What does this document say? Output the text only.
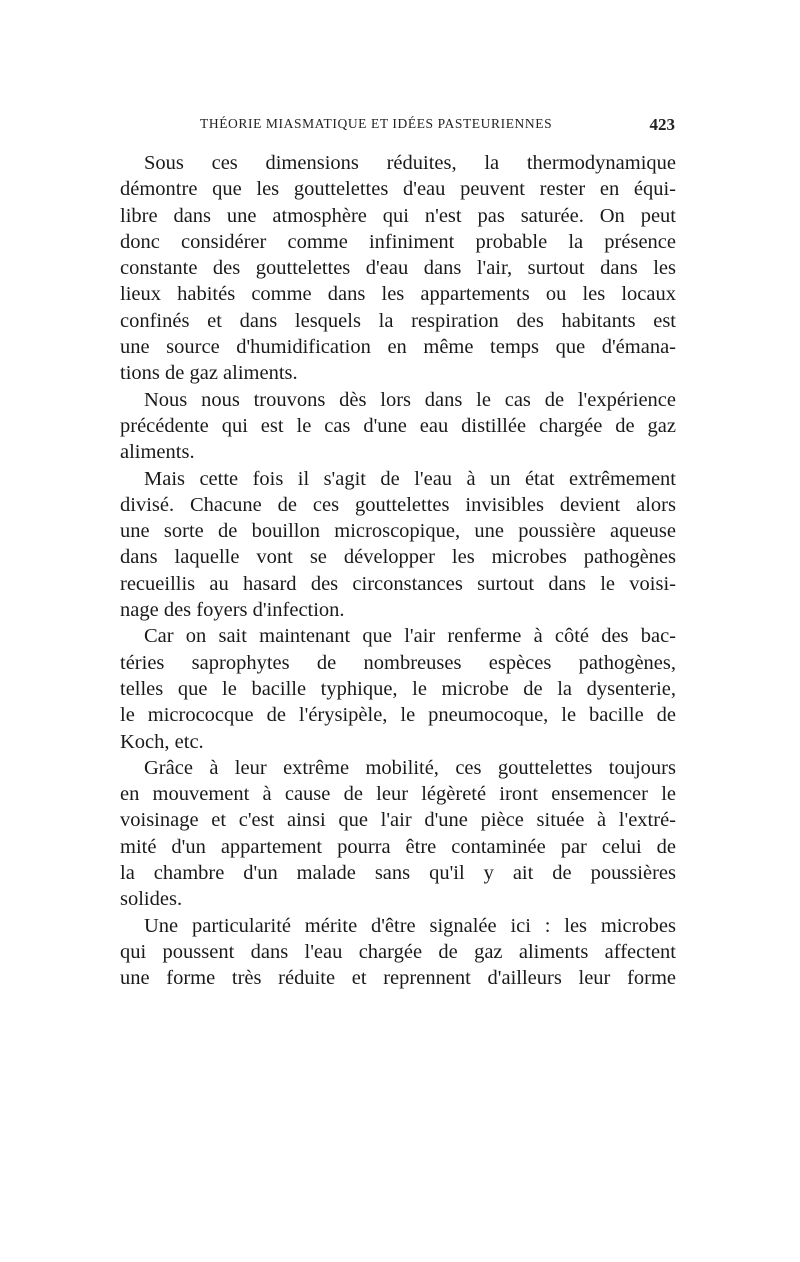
THÉORIE MIASMATIQUE ET IDÉES PASTEURIENNES	423
Sous ces dimensions réduites, la thermodynamique
démontre que les gouttelettes d'eau peuvent rester en équi-
libre dans une atmosphère qui n'est pas saturée. On peut
donc considérer comme infiniment probable la présence
constante des gouttelettes d'eau dans l'air, surtout dans les
lieux habités comme dans les appartements ou les locaux
confinés et dans lesquels la respiration des habitants est
une source d'humidification en même temps que d'émana-
tions de gaz aliments.
Nous nous trouvons dès lors dans le cas de l'expérience
précédente qui est le cas d'une eau distillée chargée de gaz
aliments.
Mais cette fois il s'agit de l'eau à un état extrêmement
divisé. Chacune de ces gouttelettes invisibles devient alors
une sorte de bouillon microscopique, une poussière aqueuse
dans laquelle vont se développer les microbes pathogènes
recueillis au hasard des circonstances surtout dans le voisi-
nage des foyers d'infection.
Car on sait maintenant que l'air renferme à côté des bac-
téries saprophytes de nombreuses espèces pathogènes,
telles que le bacille typhique, le microbe de la dysenterie,
le micrococque de l'érysipèle, le pneumocoque, le bacille de
Koch, etc.
Grâce à leur extrême mobilité, ces gouttelettes toujours
en mouvement à cause de leur légèreté iront ensemencer le
voisinage et c'est ainsi que l'air d'une pièce située à l'extré-
mité d'un appartement pourra être contaminée par celui de
la chambre d'un malade sans qu'il y ait de poussières
solides.
Une particularité mérite d'être signalée ici : les microbes
qui poussent dans l'eau chargée de gaz aliments affectent
une forme très réduite et reprennent d'ailleurs leur forme
